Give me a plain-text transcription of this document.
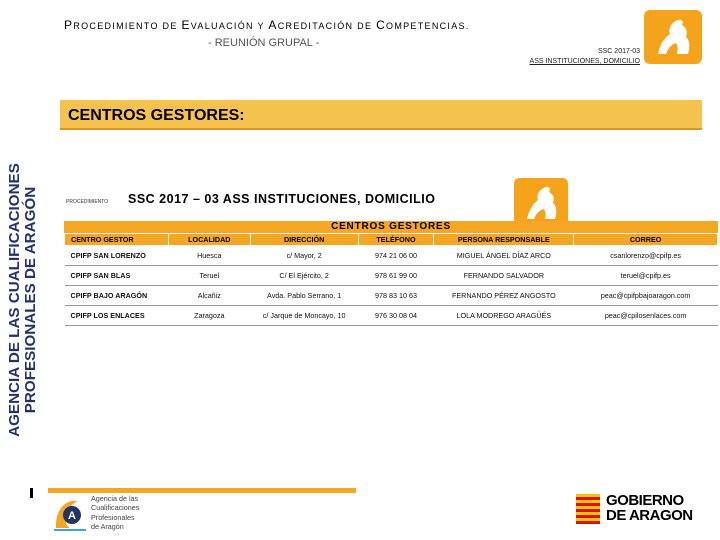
PROCEDIMIENTO DE EVALUACIÓN Y ACREDITACIÓN DE COMPETENCIAS.
- REUNIÓN GRUPAL -
SSC 2017-03
ASS INSTITUCIONES, DOMICILIO
AGENCIA DE LAS CUALIFICACIONES PROFESIONALES DE ARAGÓN
CENTROS GESTORES:
PROCEDIMIENTO SSC 2017 – 03 ASS INSTITUCIONES, DOMICILIO
CENTROS GESTORES
CENTRO GESTOR	LOCALIDAD	DIRECCIÓN	TELÉFONO	PERSONA RESPONSABLE	CORREO
CPIFP SAN LORENZO	Huesca	c/ Mayor, 2	974 21 06 00	MIGUEL ÁNGEL DÍAZ ARCO	csanlorenzo@cpifp.es
CPIFP SAN BLAS	Teruel	C/ El Ejército, 2	978 61 99 00	FERNANDO SALVADOR	teruel@cpifp.es
CPIFP BAJO ARAGÓN	Alcañiz	Avda. Pablo Serrano, 1	978 83 10 63	FERNANDO PÉREZ ANGOSTO	peac@cpifpbajoaragon.com
CPIFP LOS ENLACES	Zaragoza	c/ Jarque de Moncayo, 10	976 30 08 04	LOLA MODREGO ARAGÜÉS	peac@cpilosenlaces.com
A
Agencia de las
Cualificaciones
Profesionales
de Aragón
GOBIERNO
DE ARAGON
